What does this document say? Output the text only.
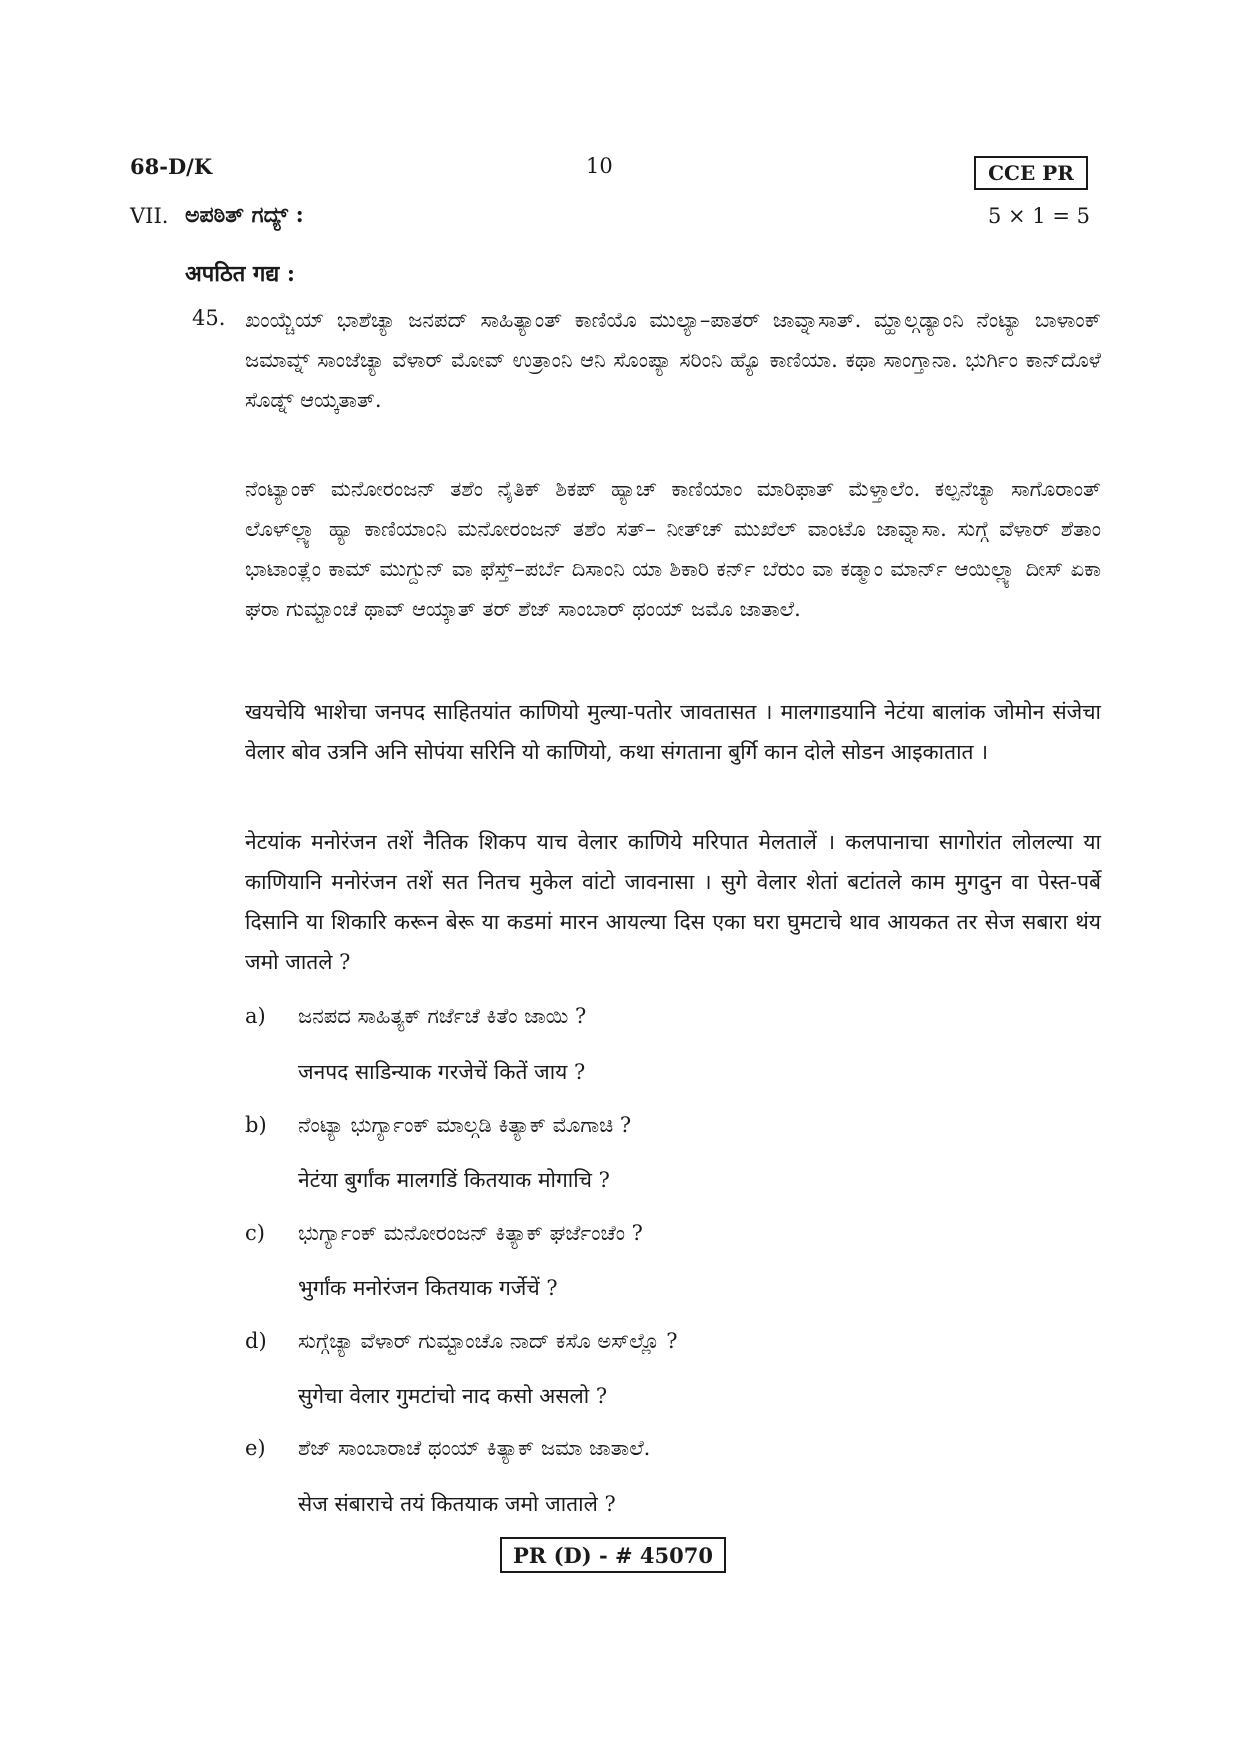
68-D/K	10	CCE PR
VII. ಅಪಠಿತ್ ಗದ್ಯ್ :	5 × 1 = 5
अपठित गद्य :
45. ಖಂಯ್ಚೆಯ್ ಭಾಶೆಚ್ಯಾ ಜನಪದ್ ಸಾಹಿತ್ಯಾಂತ್ ಕಾಣಿಯೊ ಮುಲ್ಯಾ–ಪಾತರ್ ಜಾವ್ನಾಸಾತ್. ಮ್ಹಾಲ್ಗಡ್ಯಾಂನಿ ನೆಂಟ್ಯಾ ಬಾಳಾಂಕ್ ಜಮಾವ್ನ್ ಸಾಂಜೆಚ್ಯಾ ವೆಳಾರ್ ಮೋವ್ ಉತ್ರಾಂನಿ ಆನಿ ಸೊಂಪ್ಯಾ ಸರಿಂನಿ ಹ್ಯೊ ಕಾಣಿಯಾ. ಕಥಾ ಸಾಂಗ್ತಾನಾ. ಭುರ್ಗಿಂ ಕಾನ್‌ದೊಳೆ ಸೊಡ್ನ್ ಆಯ್ಕತಾತ್.

ನೆಂಟ್ಯಾಂಕ್ ಮನೋರಂಜನ್ ತಶೆಂ ನೈತಿಕ್ ಶಿಕಪ್ ಹ್ಯಾಚ್ ಕಾಣಿಯಾಂ ಮಾರಿಫಾತ್ ಮೆಳ್ತಾಲೆಂ. ಕಲ್ಪನೆಚ್ಯಾ ಸಾಗೊರಾಂತ್ ಲೊಳ್‌ಲ್ಲ್ಯಾ ಹ್ಯಾ ಕಾಣಿಯಾಂನಿ ಮನೋರಂಜನ್ ತಶೆಂ ಸತ್– ನೀತ್‌ಚ್ ಮುಖೆಲ್ ವಾಂಟೊ ಜಾವ್ನಾಸಾ. ಸುಗ್ಗೆ ವೆಳಾರ್ ಶೆತಾಂ ಭಾಟಾಂತ್ಲೆಂ ಕಾಮ್ ಮುಗ್ದುನ್ ವಾ ಫೆಸ್ತ್–ಪರ್ಬೆ ದಿಸಾಂನಿ ಯಾ ಶಿಕಾರಿ ಕರ್ನ್ ಬೆರುಂ ವಾ ಕಡ್ಮಾಂ ಮಾರ್ನ್ ಆಯಿಲ್ಲ್ಯಾ ದೀಸ್ ಏಕಾ ಘರಾ ಗುಮ್ಟಾಂಚೆ ಥಾವ್ ಆಯ್ಕಾತ್ ತರ್ ಶೆಜ್ ಸಾಂಬಾರ್ ಥಂಯ್ ಜಮೊ ಜಾತಾಲೆ.

खयचेयि भाशेचा जनपद साहितयांत काणियो मुल्या-पतोर जावतासत । मालगाडयानि नेटंया बालांक जोमोन संजेचा वेलार बोव उत्रनि अनि सोपंया सरिनि यो काणियो, कथा संगताना बुर्गि कान दोले सोडन आइकातात ।

नेटयांक मनोरंजन तशें नैतिक शिकप याच वेलार काणिये मरिपात मेलतालें । कलपानाचा सागोरांत लोलल्या या काणियानि मनोरंजन तशें सत नितच मुकेल वांटो जावनासा । सुगे वेलार शेतां बटांतले काम मुगदुन वा पेस्त-पर्बे दिसानि या शिकारि करून बेरू या कडमां मारन आयल्या दिस एका घरा घुमटाचे थाव आयकत तर सेज सबारा थंय जमो जातले ?

a) ಜನಪದ ಸಾಹಿತ್ಯಕ್ ಗರ್ಜೆಚೆ ಕಿತೆಂ ಜಾಯಿ ?
जनपद साडिन्याक गरजेचें कितें जाय ?
b) ನೆಂಟ್ಯಾ ಭುರ್ಗ್ಯಾಂಕ್ ಮಾಲ್ಗಡಿ ಕಿತ್ಯಾಕ್ ಮೊಗಾಚಿ ?
नेटंया बुर्गांक मालगडिं कितयाक मोगाचि ?
c) ಭುರ್ಗ್ಯಾಂಕ್ ಮನೋರಂಜನ್ ಕಿತ್ಯಾಕ್ ಘರ್ಜೆಂಚೆಂ ?
भुर्गांक मनोरंजन कितयाक गर्जेचें ?
d) ಸುಗ್ಗೆಚ್ಯಾ ವೆಳಾರ್ ಗುಮ್ಟಾಂಚೊ ನಾದ್ ಕಸೊ ಅಸ್‌ಲ್ಲೊ ?
सुगेचा वेलार गुमटांचो नाद कसो असलो ?
e) ಶೆಜ್ ಸಾಂಬಾರಾಚೆ ಥಂಯ್ ಕಿತ್ಯಾಕ್ ಜಮಾ ಜಾತಾಲೆ.
सेज संबाराचे तयं कितयाक जमो जाताले ?
PR (D) - # 45070
